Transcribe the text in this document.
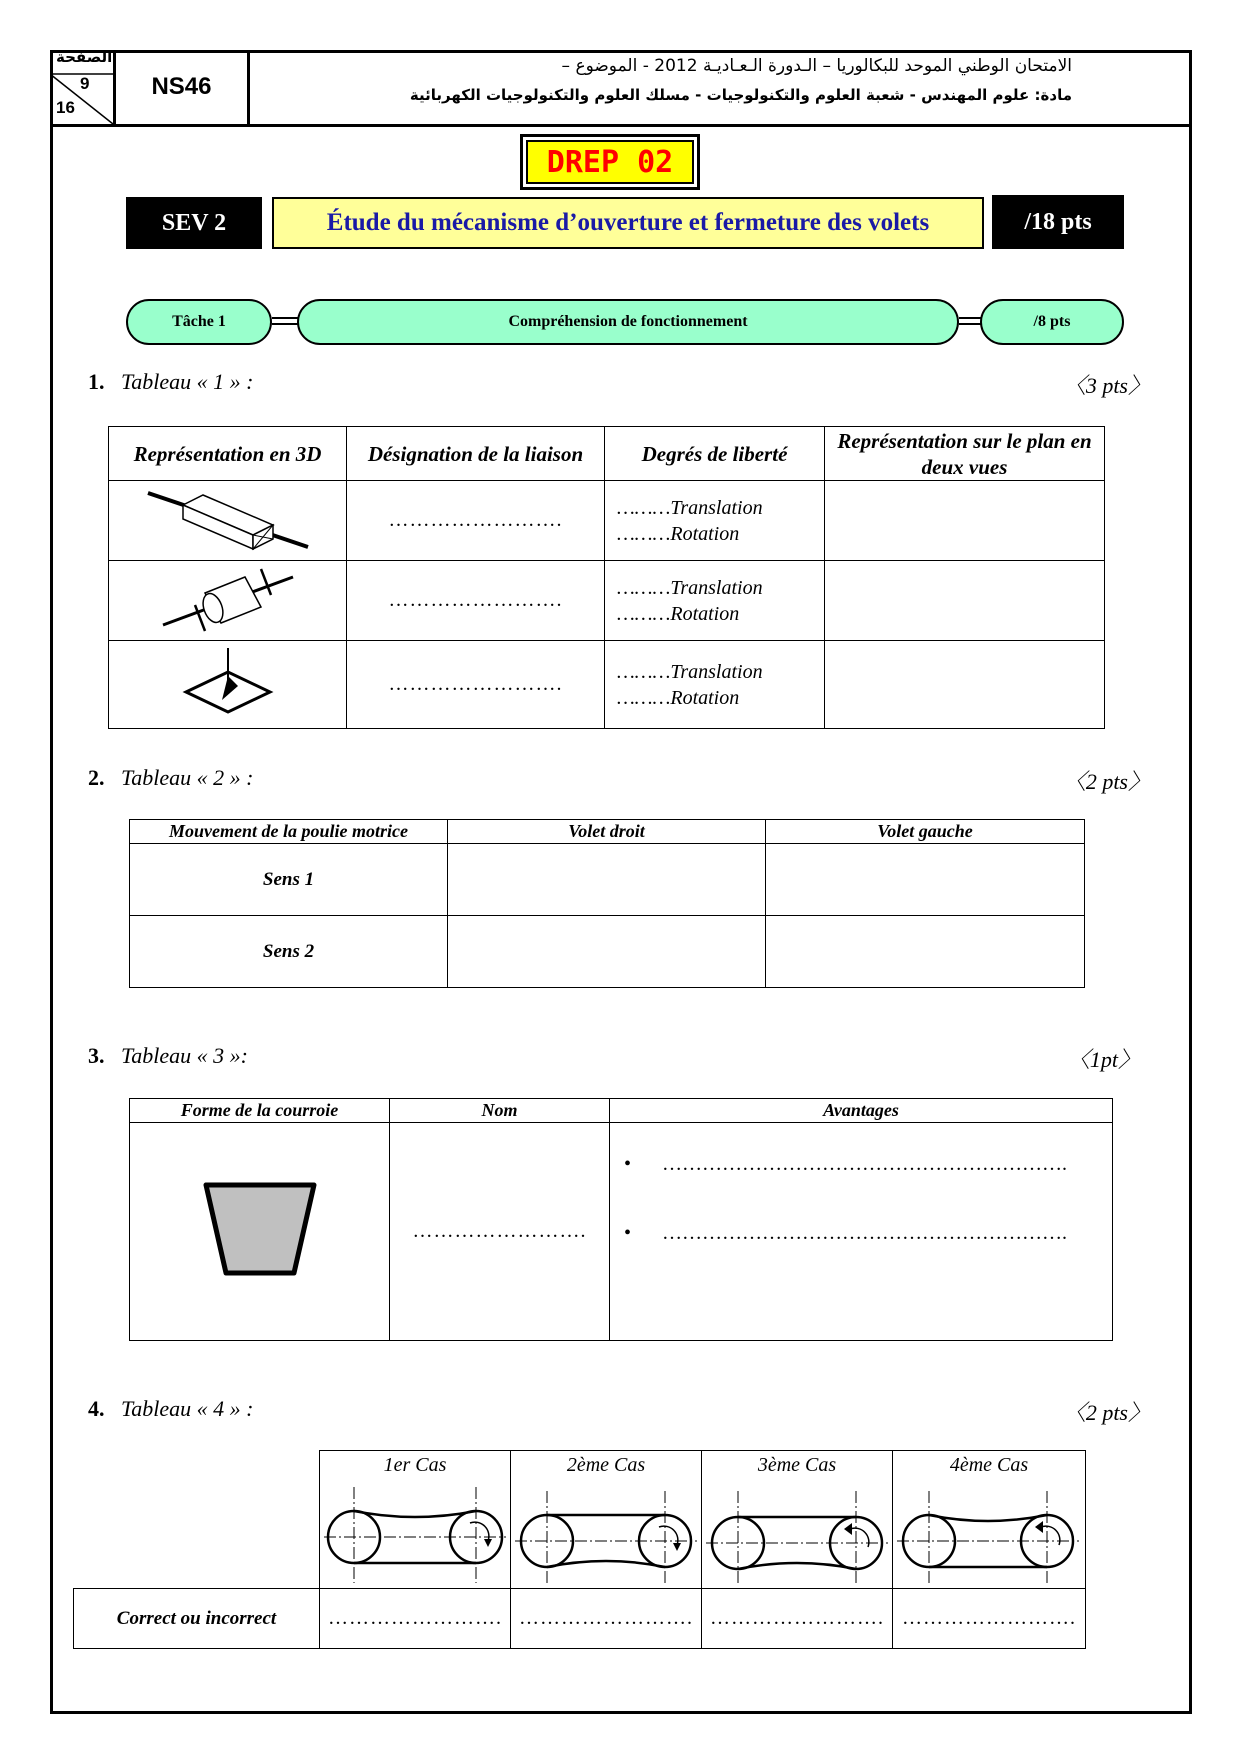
الصفحة
9
16
NS46
الامتحان الوطني الموحد للبكالوريا – الـدورة الـعـاديـة 2012 - الموضوع –
مادة: علوم المهندس - شعبة العلوم والتكنولوجيات - مسلك العلوم والتكنولوجيات الكهربائية
DREP 02
SEV 2	Étude du mécanisme d’ouverture et fermeture des volets	/18 pts
Tâche 1	Compréhension de fonctionnement	/8 pts
1. Tableau « 1 » :	〈3 pts〉
Représentation en 3D	Désignation de la liaison	Degrés de liberté	Représentation sur le plan en deux vues
	…………………….	………Translation
………Rotation	

	…………………….	………Translation
………Rotation	

	…………………….	………Translation
………Rotation	

2. Tableau « 2 » :	〈2 pts〉
Mouvement de la poulie motrice	Volet droit	Volet gauche
Sens 1		
Sens 2		
3. Tableau « 3 »:	〈1pt〉
Forme de la courroie	Nom	Avantages
	…………………….	• …………………………………………………….
• …………………………………………………….
4. Tableau « 4 » :	〈2 pts〉

	1er Cas	2ème Cas	3ème Cas	4ème Cas

Correct ou incorrect	…………………….	…………………….	…………………….	…………………….
